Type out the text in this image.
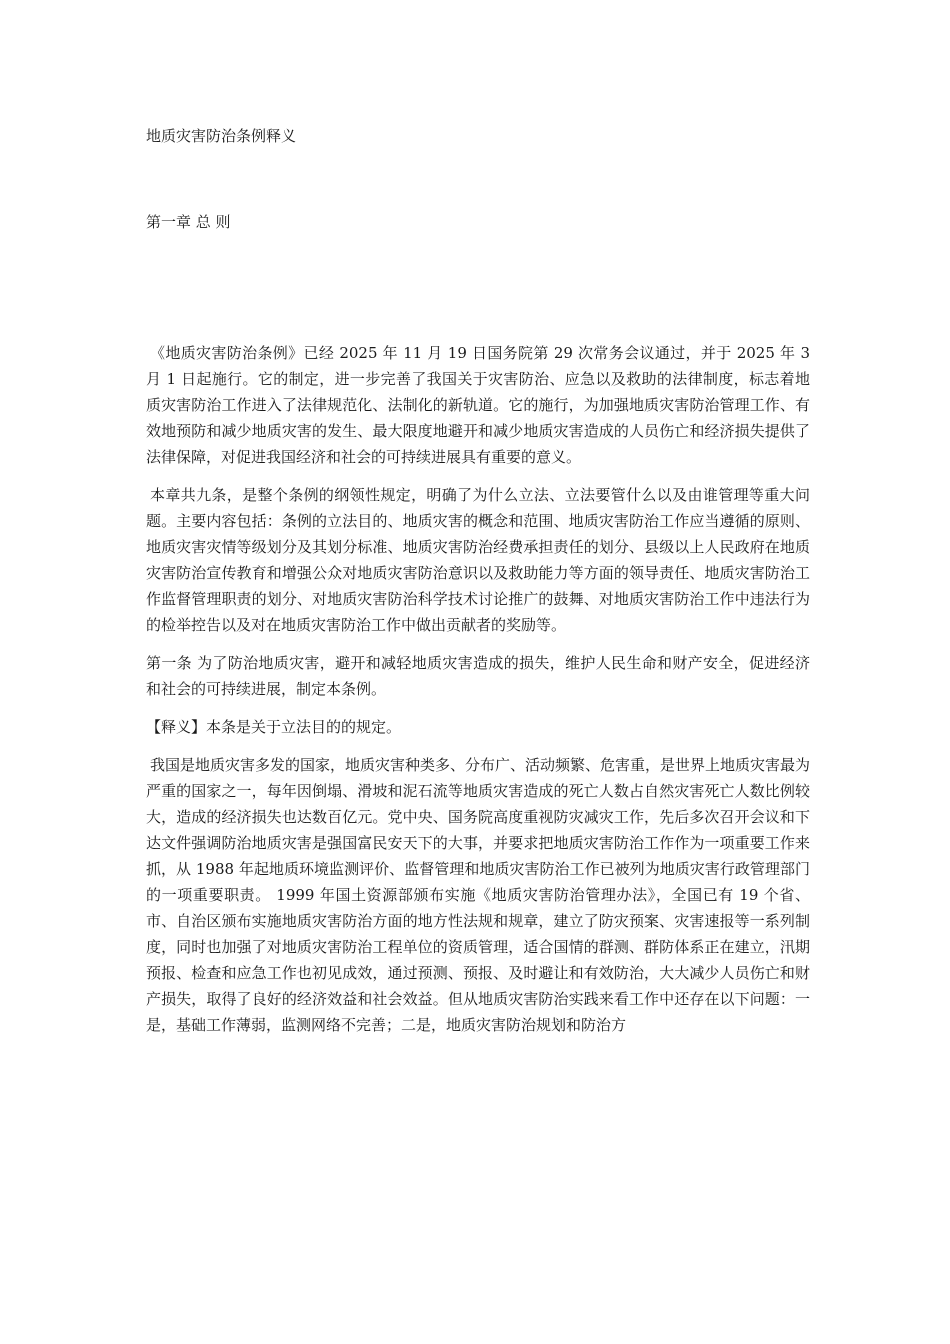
地质灾害防治条例释义
第一章 总 则

《地质灾害防治条例》已经 2025 年 11 月 19 日国务院第 29 次常务会议通过，并于 2025 年 3 月 1 日起施行。它的制定，进一步完善了我国关于灾害防治、应急以及救助的法律制度，标志着地质灾害防治工作进入了法律规范化、法制化的新轨道。它的施行，为加强地质灾害防治管理工作、有效地预防和减少地质灾害的发生、最大限度地避开和减少地质灾害造成的人员伤亡和经济损失提供了法律保障，对促进我国经济和社会的可持续进展具有重要的意义。

本章共九条，是整个条例的纲领性规定，明确了为什么立法、立法要管什么以及由谁管理等重大问题。主要内容包括：条例的立法目的、地质灾害的概念和范围、地质灾害防治工作应当遵循的原则、地质灾害灾情等级划分及其划分标准、地质灾害防治经费承担责任的划分、县级以上人民政府在地质灾害防治宣传教育和增强公众对地质灾害防治意识以及救助能力等方面的领导责任、地质灾害防治工作监督管理职责的划分、对地质灾害防治科学技术讨论推广的鼓舞、对地质灾害防治工作中违法行为的检举控告以及对在地质灾害防治工作中做出贡献者的奖励等。

第一条 为了防治地质灾害，避开和减轻地质灾害造成的损失，维护人民生命和财产安全，促进经济和社会的可持续进展，制定本条例。

【释义】本条是关于立法目的的规定。

我国是地质灾害多发的国家，地质灾害种类多、分布广、活动频繁、危害重，是世界上地质灾害最为严重的国家之一，每年因倒塌、滑坡和泥石流等地质灾害造成的死亡人数占自然灾害死亡人数比例较大，造成的经济损失也达数百亿元。党中央、国务院高度重视防灾减灾工作，先后多次召开会议和下达文件强调防治地质灾害是强国富民安天下的大事，并要求把地质灾害防治工作作为一项重要工作来抓，从 1988 年起地质环境监测评价、监督管理和地质灾害防治工作已被列为地质灾害行政管理部门的一项重要职责。 1999 年国土资源部颁布实施《地质灾害防治管理办法》，全国已有 19 个省、市、自治区颁布实施地质灾害防治方面的地方性法规和规章，建立了防灾预案、灾害速报等一系列制度，同时也加强了对地质灾害防治工程单位的资质管理，适合国情的群测、群防体系正在建立，汛期预报、检查和应急工作也初见成效，通过预测、预报、及时避让和有效防治，大大减少人员伤亡和财产损失，取得了良好的经济效益和社会效益。但从地质灾害防治实践来看工作中还存在以下问题：一是，基础工作薄弱，监测网络不完善；二是，地质灾害防治规划和防治方
